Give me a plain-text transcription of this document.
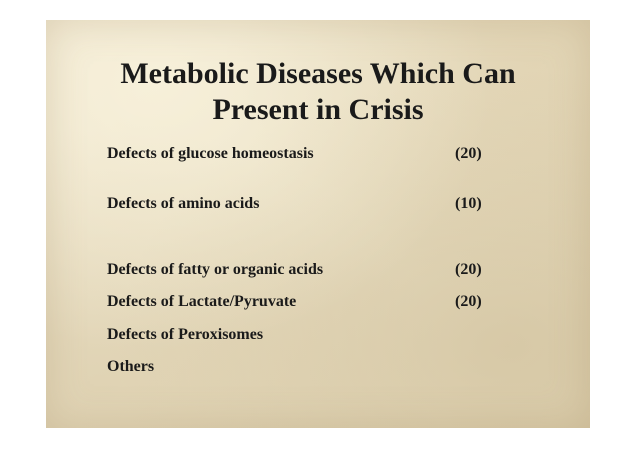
Metabolic Diseases Which Can
Present in Crisis
Defects of glucose homeostasis	(20)
Defects of amino acids	(10)
Defects of fatty or organic acids	(20)
Defects of Lactate/Pyruvate	(20)
Defects of Peroxisomes
Others
